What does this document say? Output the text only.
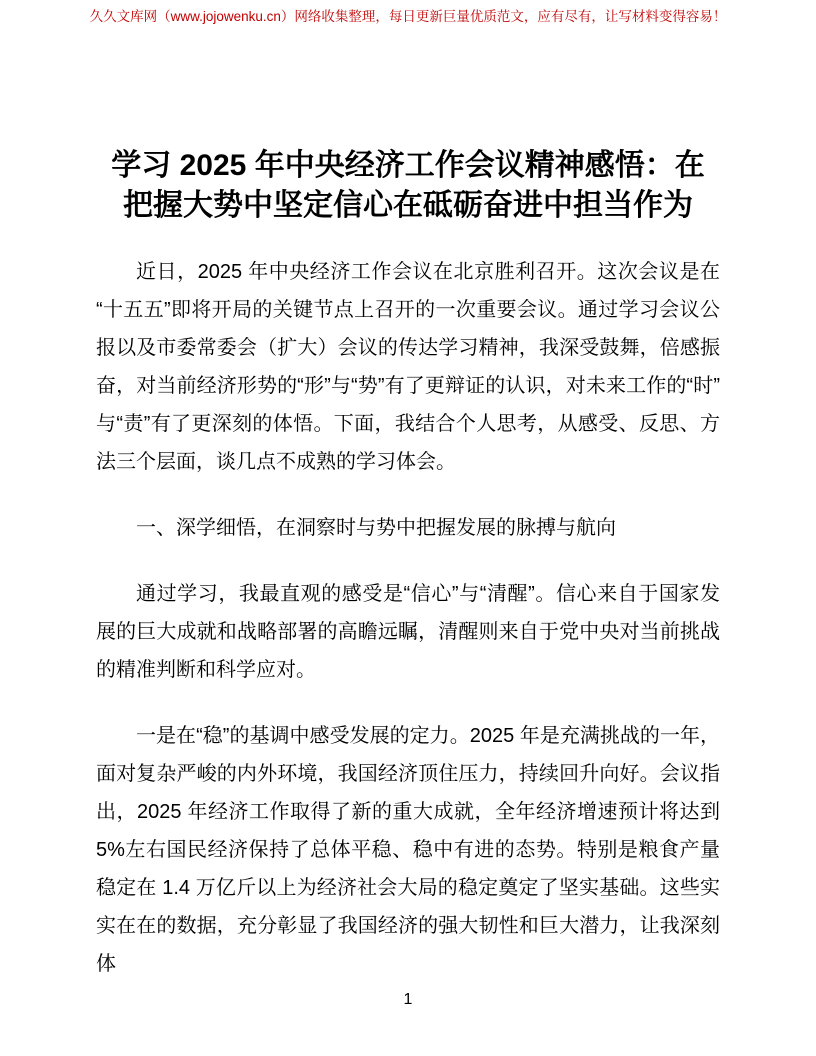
久久文库网（www.jojowenku.cn）网络收集整理，每日更新巨量优质范文，应有尽有，让写材料变得容易！
学习 2025 年中央经济工作会议精神感悟：在
把握大势中坚定信心在砥砺奋进中担当作为

近日，2025 年中央经济工作会议在北京胜利召开。这次会议是在“十五五”即将开局的关键节点上召开的一次重要会议。通过学习会议公报以及市委常委会（扩大）会议的传达学习精神，我深受鼓舞，倍感振奋，对当前经济形势的“形”与“势”有了更辩证的认识，对未来工作的“时”与“责”有了更深刻的体悟。下面，我结合个人思考，从感受、反思、方法三个层面，谈几点不成熟的学习体会。

一、深学细悟，在洞察时与势中把握发展的脉搏与航向

通过学习，我最直观的感受是“信心”与“清醒”。信心来自于国家发展的巨大成就和战略部署的高瞻远瞩，清醒则来自于党中央对当前挑战的精准判断和科学应对。

一是在“稳”的基调中感受发展的定力。2025 年是充满挑战的一年，面对复杂严峻的内外环境，我国经济顶住压力，持续回升向好。会议指出，2025 年经济工作取得了新的重大成就，全年经济增速预计将达到 5%左右国民经济保持了总体平稳、稳中有进的态势。特别是粮食产量稳定在 1.4 万亿斤以上为经济社会大局的稳定奠定了坚实基础。这些实实在在的数据，充分彰显了我国经济的强大韧性和巨大潜力，让我深刻体

1
